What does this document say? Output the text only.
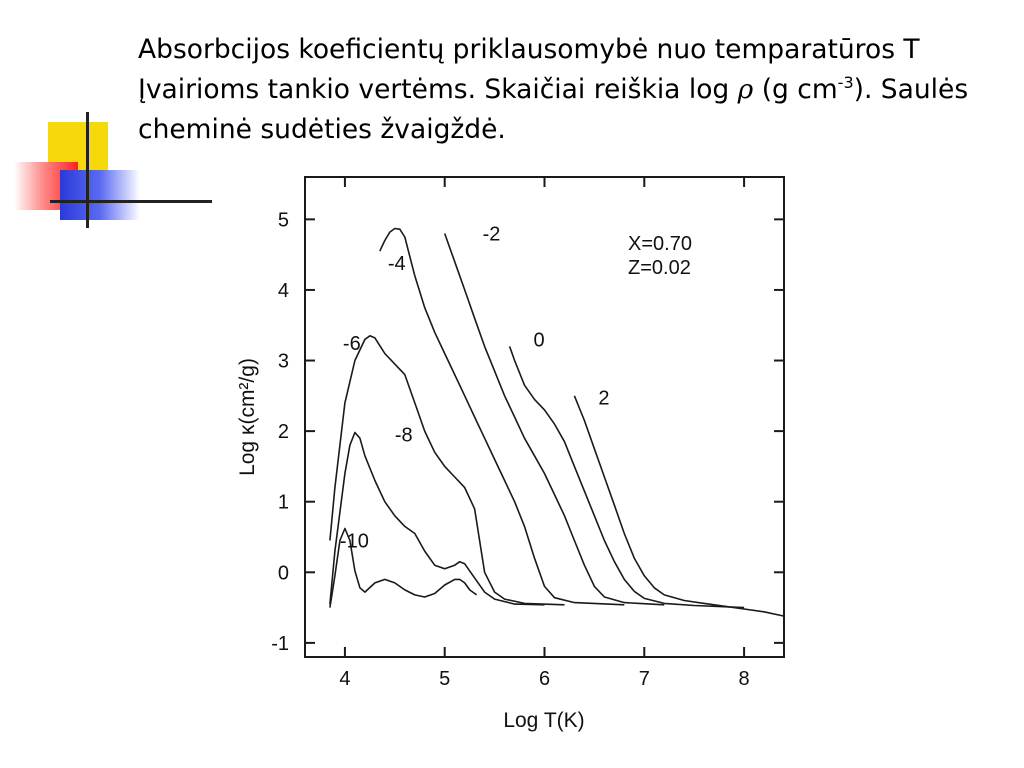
Absorbcijos koeficientų priklausomybė nuo temparatūros T Įvairioms tankio vertėms. Skaičiai reiškia log ρ (g $cm^{-3}$). Saulės cheminė sudėties žvaigždė.
4	5	6	7	8
-1
0
1
2
3
4
5
-10
-8
-6
-4
-2
0
2
X=0.70
Z=0.02
Log T(K)
Log κ(cm²/g)
